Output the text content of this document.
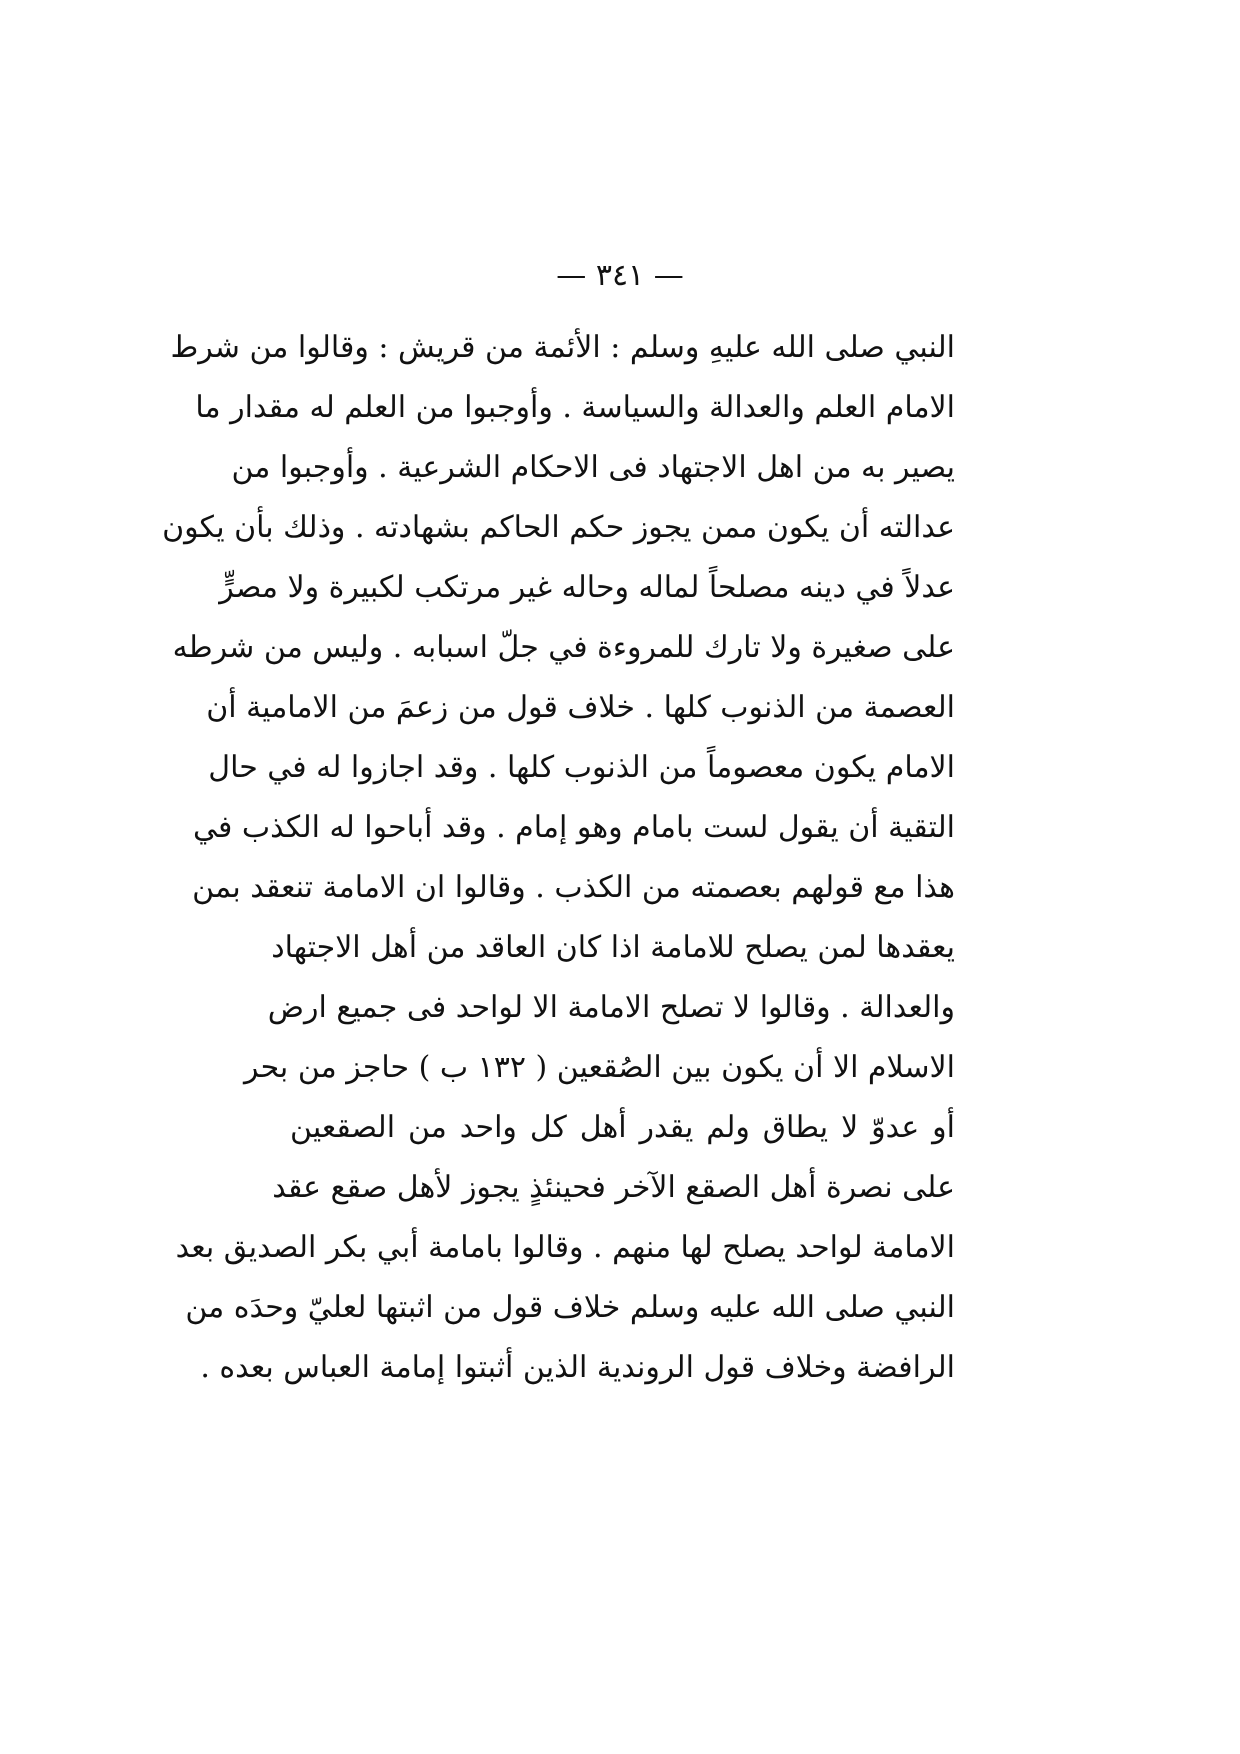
— ٣٤١ —
النبي صلى الله عليهِ وسلم : الأئمة من قريش : وقالوا من شرط
الامام العلم والعدالة والسياسة . وأوجبوا من العلم له مقدار ما
يصير به من اهل الاجتهاد فى الاحكام الشرعية . وأوجبوا من
عدالته أن يكون ممن يجوز حكم الحاكم بشهادته . وذلك بأن يكون
عدلاً في دينه مصلحاً لماله وحاله غير مرتكب لكبيرة ولا مصرٍّ
على صغيرة ولا تارك للمروءة في جلّ اسبابه . وليس من شرطه
العصمة من الذنوب كلها . خلاف قول من زعمَ من الامامية أن
الامام يكون معصوماً من الذنوب كلها . وقد اجازوا له في حال
التقية أن يقول لست بامام وهو إمام . وقد أباحوا له الكذب في
هذا مع قولهم بعصمته من الكذب . وقالوا ان الامامة تنعقد بمن
يعقدها لمن يصلح للامامة اذا كان العاقد من أهل الاجتهاد
والعدالة . وقالوا لا تصلح الامامة الا لواحد فى جميع ارض
الاسلام الا أن يكون بين الصُقعين ( ١٣٢ ب ) حاجز من بحر
أو عدوّ لا يطاق ولم يقدر أهل كل واحد من الصقعين
على نصرة أهل الصقع الآخر فحينئذٍ يجوز لأهل صقع عقد
الامامة لواحد يصلح لها منهم . وقالوا بامامة أبي بكر الصديق بعد
النبي صلى الله عليه وسلم خلاف قول من اثبتها لعليّ وحدَه من
الرافضة وخلاف قول الروندية الذين أثبتوا إمامة العباس بعده .
